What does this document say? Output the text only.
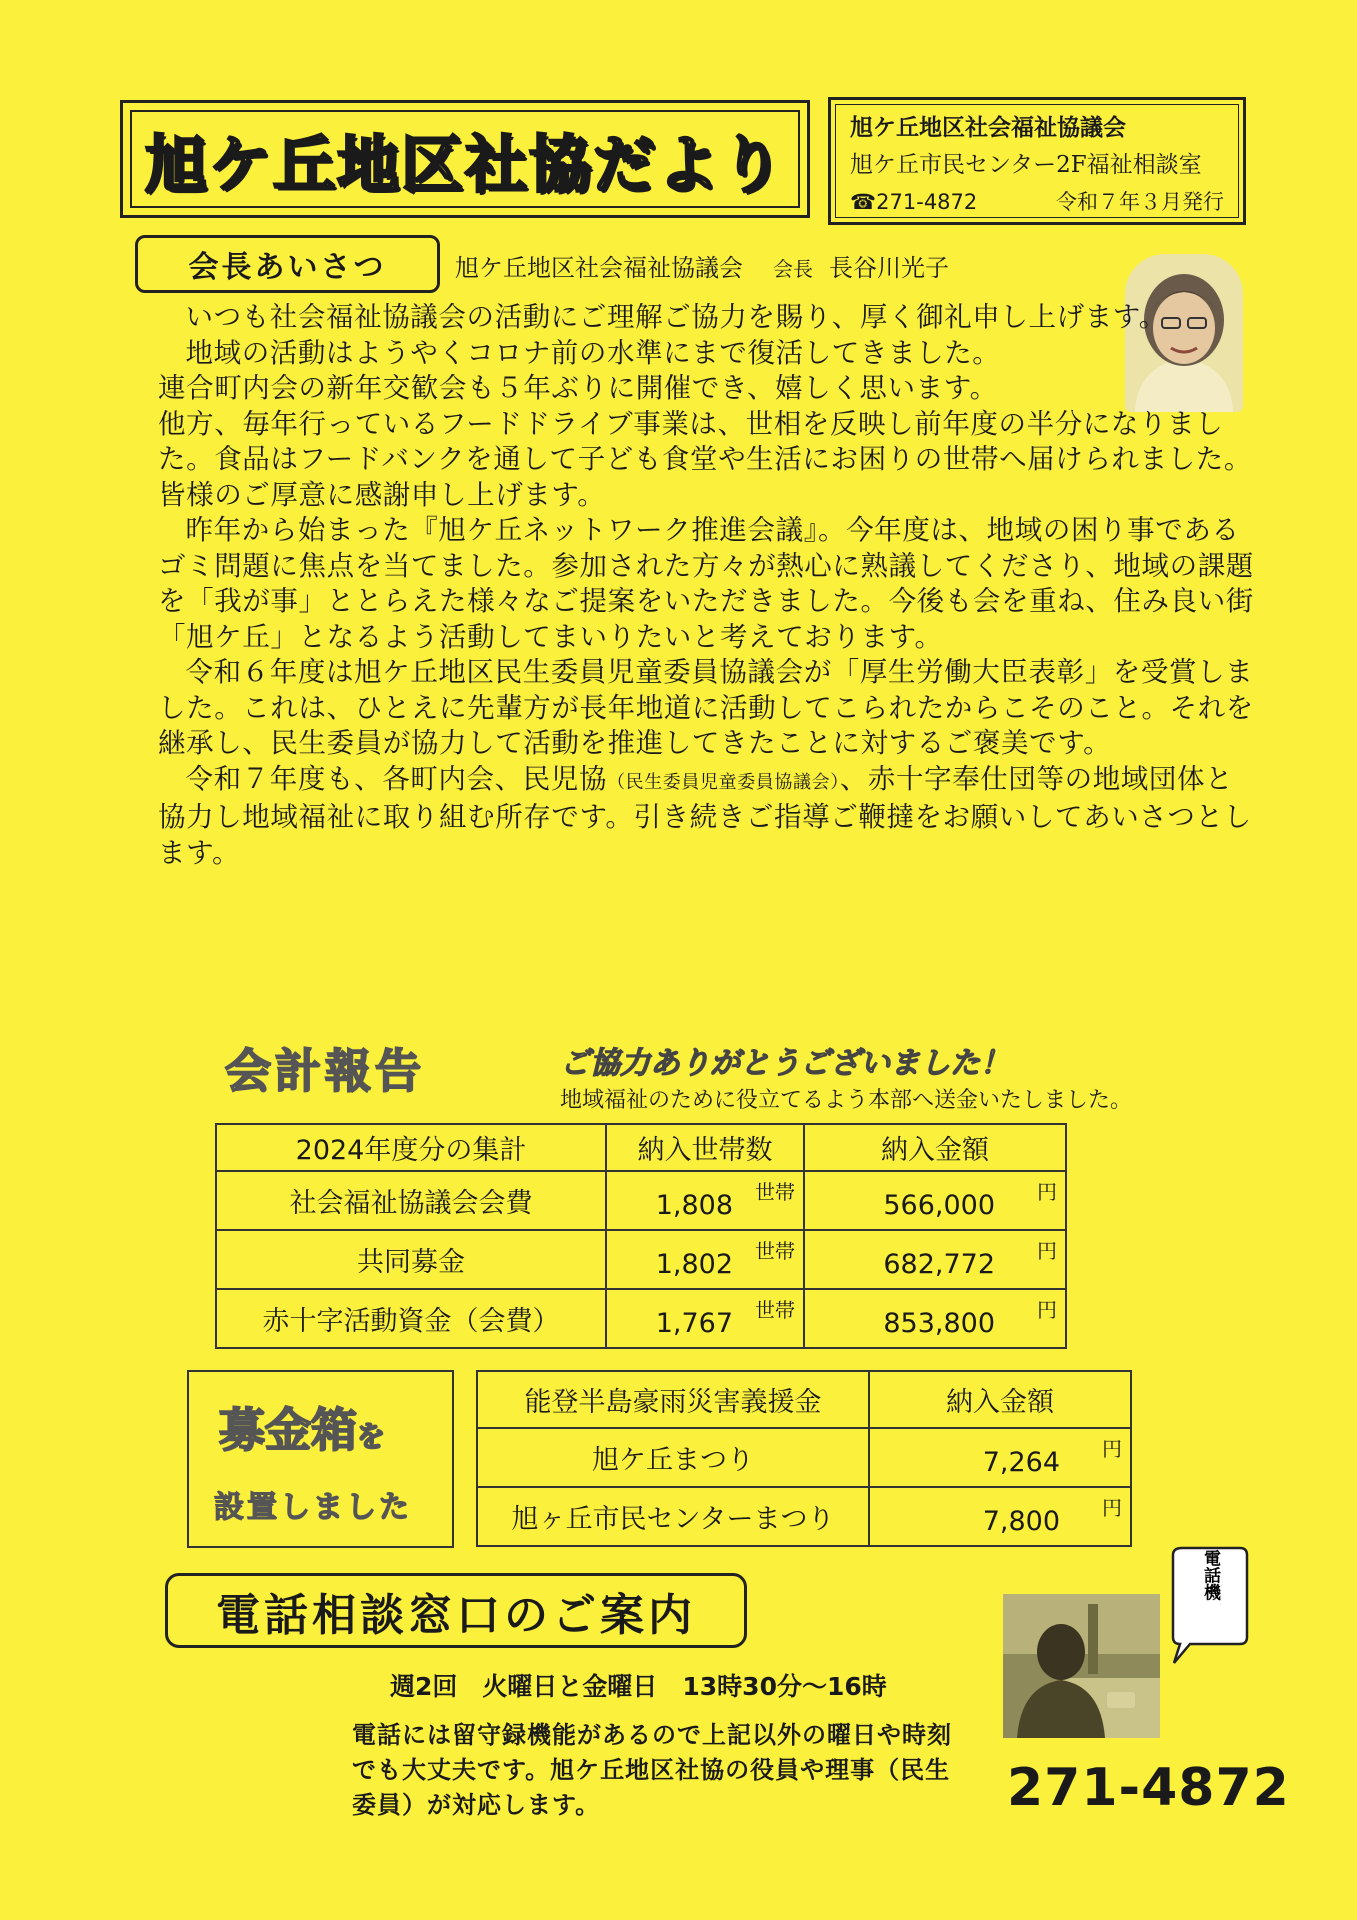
旭ケ丘地区社協だより	旭ケ丘地区社会福祉協議会
旭ケ丘市民センター2F福祉相談室
☎271-4872	令和７年３月発行
会長あいさつ	旭ケ丘地区社会福祉協議会 会長 長谷川光子

いつも社会福祉協議会の活動にご理解ご協力を賜り、厚く御礼申し上げます。

地域の活動はようやくコロナ前の水準にまで復活してきました。

連合町内会の新年交歓会も５年ぶりに開催でき、嬉しく思います。

他方、毎年行っているフードドライブ事業は、世相を反映し前年度の半分になりました。食品はフードバンクを通して子ども食堂や生活にお困りの世帯へ届けられました。皆様のご厚意に感謝申し上げます。

昨年から始まった『旭ケ丘ネットワーク推進会議』。今年度は、地域の困り事であるゴミ問題に焦点を当てました。参加された方々が熱心に熟議してくださり、地域の課題を「我が事」ととらえた様々なご提案をいただきました。今後も会を重ね、住み良い街「旭ケ丘」となるよう活動してまいりたいと考えております。

令和６年度は旭ケ丘地区民生委員児童委員協議会が「厚生労働大臣表彰」を受賞しました。これは、ひとえに先輩方が長年地道に活動してこられたからこそのこと。それを継承し、民生委員が協力して活動を推進してきたことに対するご褒美です。

令和７年度も、各町内会、民児協（民生委員児童委員協議会）、赤十字奉仕団等の地域団体と協力し地域福祉に取り組む所存です。引き続きご指導ご鞭撻をお願いしてあいさつとします。

会計報告	ご協力ありがとうございました！
地域福祉のために役立てるよう本部へ送金いたしました。
2024年度分の集計	納入世帯数	納入金額
社会福祉協議会会費	1,808 世帯	566,000 円

共同募金	1,802 世帯	682,772 円

赤十字活動資金（会費）	1,767 世帯	853,800 円
募金箱を
設置しました
能登半島豪雨災害義援金	納入金額
旭ケ丘まつり	7,264 円

旭ヶ丘市民センターまつり	7,800 円
電話相談窓口のご案内
週2回　火曜日と金曜日　13時30分～16時
電話には留守録機能があるので上記以外の曜日や時刻でも大丈夫です。旭ケ丘地区社協の役員や理事（民生委員）が対応します。	271-4872
電話機
